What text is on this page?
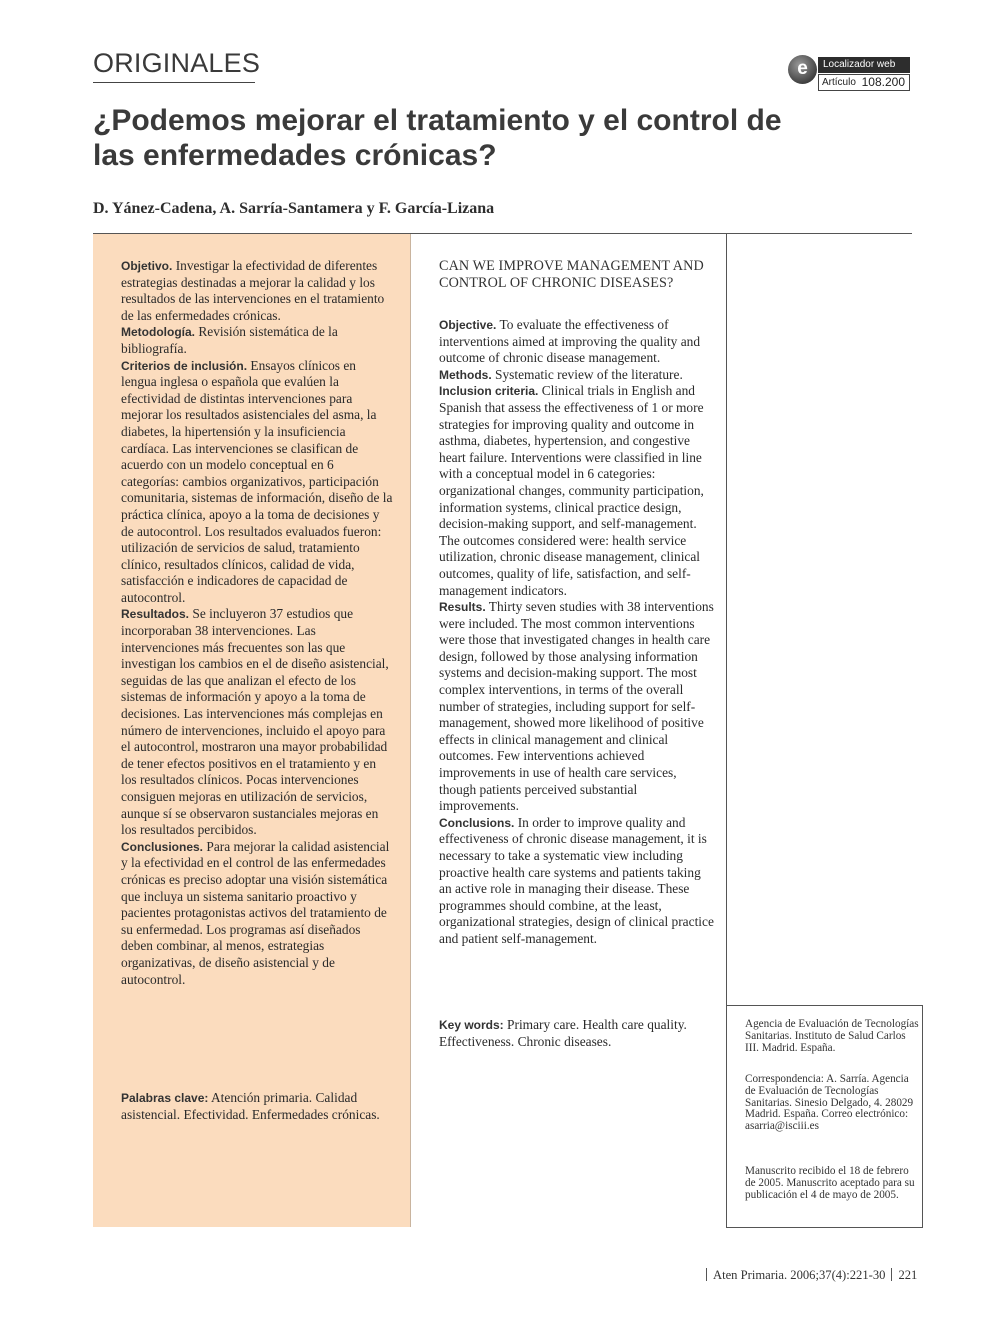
ORIGINALES	e	Localizador web
Artículo 108.200
¿Podemos mejorar el tratamiento y el control de las enfermedades crónicas?
D. Yánez-Cadena, A. Sarría-Santamera y F. García-Lizana

Objetivo. Investigar la efectividad de diferentes estrategias destinadas a mejorar la calidad y los resultados de las intervenciones en el tratamiento de las enfermedades crónicas.

Metodología. Revisión sistemática de la bibliografía.

Criterios de inclusión. Ensayos clínicos en lengua inglesa o española que evalúen la efectividad de distintas intervenciones para mejorar los resultados asistenciales del asma, la diabetes, la hipertensión y la insuficiencia cardíaca. Las intervenciones se clasifican de acuerdo con un modelo conceptual en 6 categorías: cambios organizativos, participación comunitaria, sistemas de información, diseño de la práctica clínica, apoyo a la toma de decisiones y de autocontrol. Los resultados evaluados fueron: utilización de servicios de salud, tratamiento clínico, resultados clínicos, calidad de vida, satisfacción e indicadores de capacidad de autocontrol.

Resultados. Se incluyeron 37 estudios que incorporaban 38 intervenciones. Las intervenciones más frecuentes son las que investigan los cambios en el de diseño asistencial, seguidas de las que analizan el efecto de los sistemas de información y apoyo a la toma de decisiones. Las intervenciones más complejas en número de intervenciones, incluido el apoyo para el autocontrol, mostraron una mayor probabilidad de tener efectos positivos en el tratamiento y en los resultados clínicos. Pocas intervenciones consiguen mejoras en utilización de servicios, aunque sí se observaron sustanciales mejoras en los resultados percibidos.

Conclusiones. Para mejorar la calidad asistencial y la efectividad en el control de las enfermedades crónicas es preciso adoptar una visión sistemática que incluya un sistema sanitario proactivo y pacientes protagonistas activos del tratamiento de su enfermedad. Los programas así diseñados deben combinar, al menos, estrategias organizativas, de diseño asistencial y de autocontrol.

Palabras clave: Atención primaria. Calidad asistencial. Efectividad. Enfermedades crónicas.

CAN WE IMPROVE MANAGEMENT AND CONTROL OF CHRONIC DISEASES?

Objective. To evaluate the effectiveness of interventions aimed at improving the quality and outcome of chronic disease management.

Methods. Systematic review of the literature.

Inclusion criteria. Clinical trials in English and Spanish that assess the effectiveness of 1 or more strategies for improving quality and outcome in asthma, diabetes, hypertension, and congestive heart failure. Interventions were classified in line with a conceptual model in 6 categories: organizational changes, community participation, information systems, clinical practice design, decision-making support, and self-management. The outcomes considered were: health service utilization, chronic disease management, clinical outcomes, quality of life, satisfaction, and self-management indicators.

Results. Thirty seven studies with 38 interventions were included. The most common interventions were those that investigated changes in health care design, followed by those analysing information systems and decision-making support. The most complex interventions, in terms of the overall number of strategies, including support for self-management, showed more likelihood of positive effects in clinical management and clinical outcomes. Few interventions achieved improvements in use of health care services, though patients perceived substantial improvements.

Conclusions. In order to improve quality and effectiveness of chronic disease management, it is necessary to take a systematic view including proactive health care systems and patients taking an active role in managing their disease. These programmes should combine, at the least, organizational strategies, design of clinical practice and patient self-management.

Key words: Primary care. Health care quality. Effectiveness. Chronic diseases.

Agencia de Evaluación de Tecnologías Sanitarias. Instituto de Salud Carlos III. Madrid. España.
Correspondencia: A. Sarría. Agencia de Evaluación de Tecnologías Sanitarias. Sinesio Delgado, 4. 28029 Madrid. España. Correo electrónico: asarria@isciii.es
Manuscrito recibido el 18 de febrero de 2005. Manuscrito aceptado para su publicación el 4 de mayo de 2005.
Aten Primaria. 2006;37(4):221-30 221
